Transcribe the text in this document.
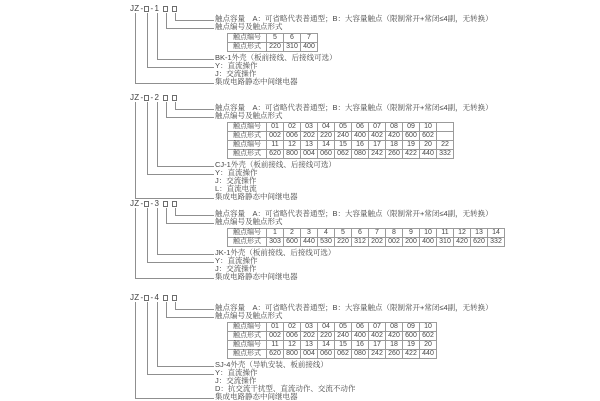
JZ - - 1
触点容量　A：可省略代表普通型；B：大容量触点（限制常开+常闭≤4副，无转换）
触点编号及触点形式
触点编号	5	6	7
触点形式	220	310	400
BK-1外壳（板前接线、后接线可选）
Y：直流操作
J：交流操作
集成电路静态中间继电器
JZ - - 2
触点容量　A：可省略代表普通型；B：大容量触点（限制常开+常闭≤4副，无转换）
触点编号及触点形式
触点编号	01	02	03	04	05	06	07	08	09	10	
触点形式	002	006	202	220	240	400	402	420	600	602	
触点编号	11	12	13	14	15	16	17	18	19	20	22
触点形式	620	800	004	060	062	080	242	260	422	440	332
CJ-1外壳（板前接线、后接线可选）
Y：直流操作
J：交流操作
L：直流电流
集成电路静态中间继电器
JZ - - 3
触点容量　A：可省略代表普通型；B：大容量触点（限制常开+常闭≤4副，无转换）
触点编号及触点形式
触点编号	1	2	3	4	5	6	7	8	9	10	11	12	13	14
触点形式	303	600	440	530	220	312	202	002	200	400	310	420	620	332
JK-1外壳（板前接线、后接线可选）
Y：直流操作
J：交流操作
集成电路静态中间继电器
JZ - - 4
触点容量　A：可省略代表普通型；B：大容量触点（限制常开+常闭≤4副，无转换）
触点编号及触点形式
触点编号	01	02	03	04	05	06	07	08	09	10
触点形式	002	006	202	220	240	400	402	420	600	602
触点编号	11	12	13	14	15	16	17	18	19	20
触点形式	620	800	004	060	062	080	242	260	422	440
SJ-4外壳（导轨安装、板前接线）
Y：直流操作
J：交流操作
D：抗交流干扰型、直流动作、交流不动作
集成电路静态中间继电器
